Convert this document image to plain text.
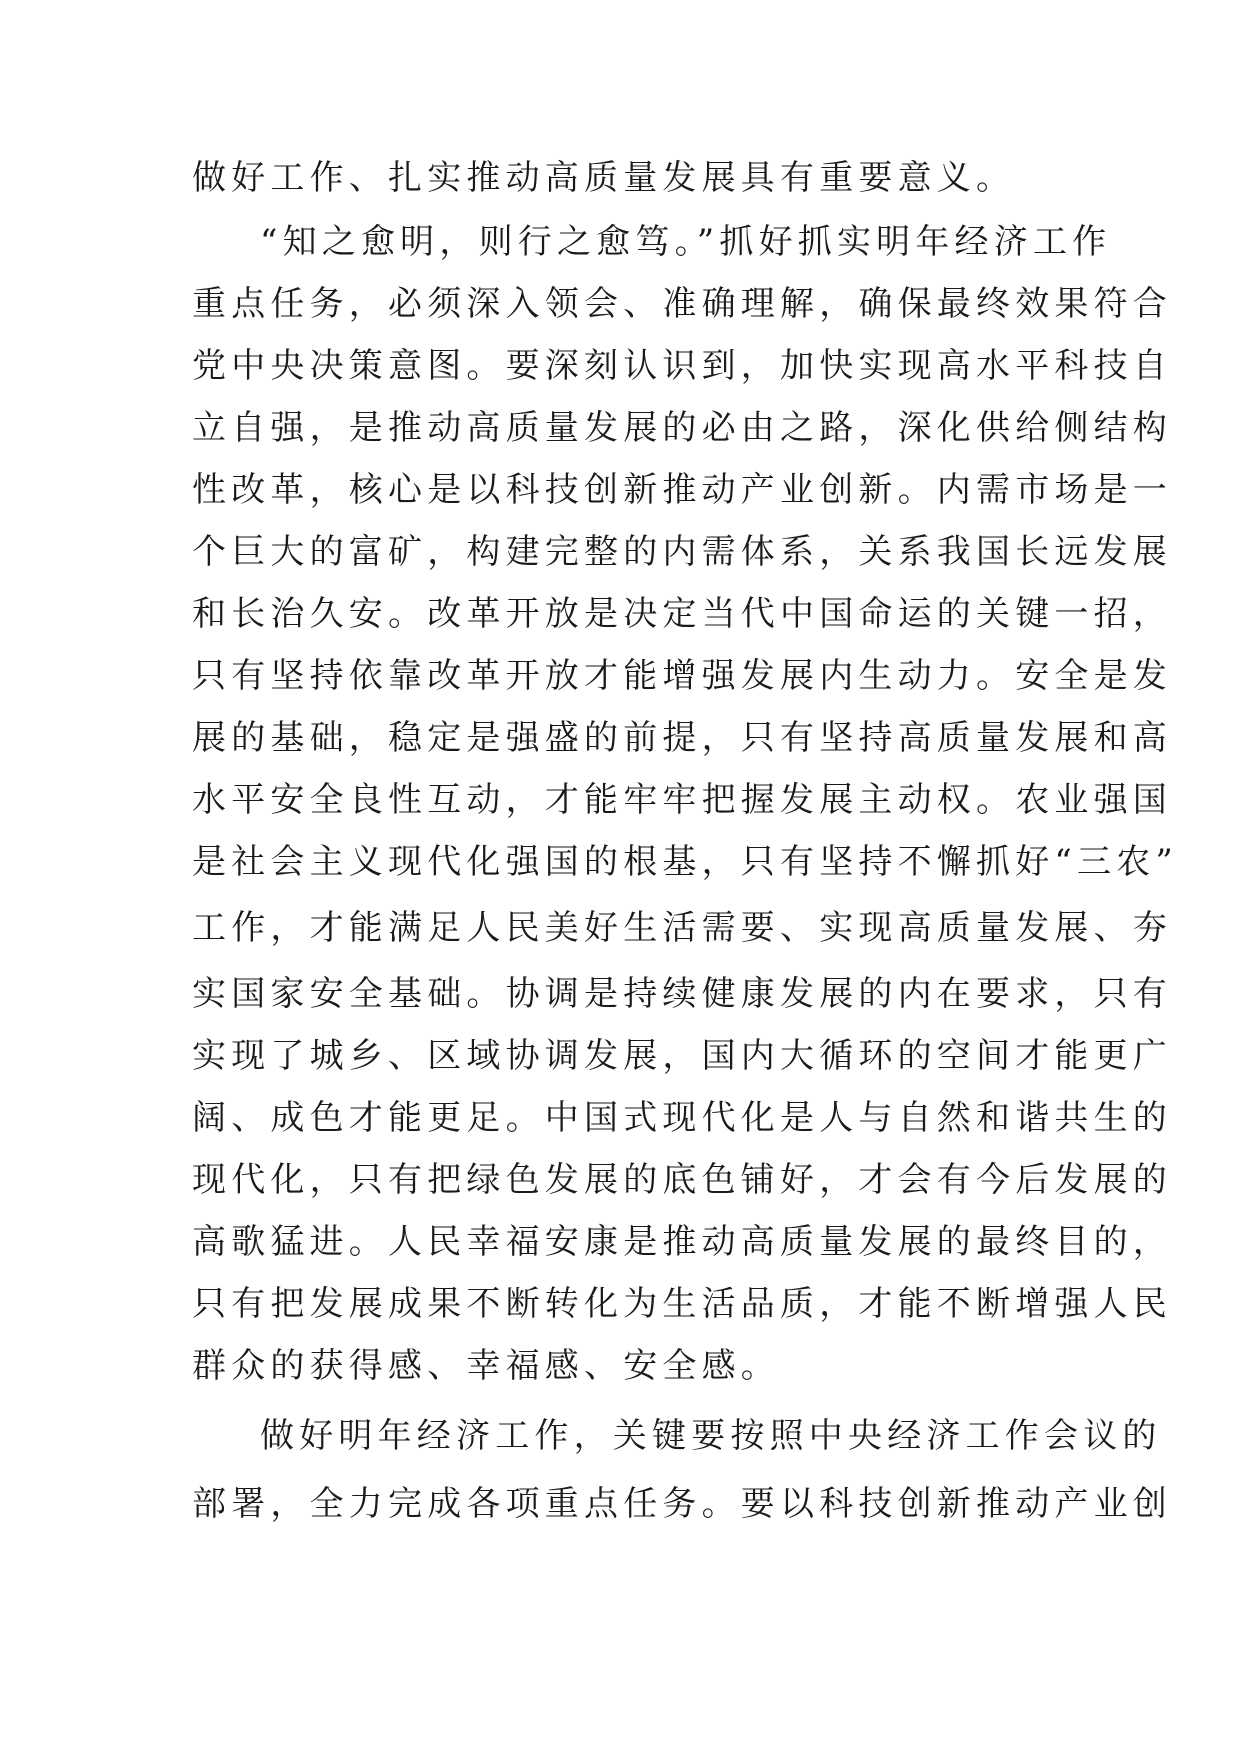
做好工作、扎实推动高质量发展具有重要意义。
“知之愈明，则行之愈笃。”抓好抓实明年经济工作
重点任务，必须深入领会、准确理解，确保最终效果符合
党中央决策意图。要深刻认识到，加快实现高水平科技自
立自强，是推动高质量发展的必由之路，深化供给侧结构
性改革，核心是以科技创新推动产业创新。内需市场是一
个巨大的富矿，构建完整的内需体系，关系我国长远发展
和长治久安。改革开放是决定当代中国命运的关键一招，
只有坚持依靠改革开放才能增强发展内生动力。安全是发
展的基础，稳定是强盛的前提，只有坚持高质量发展和高
水平安全良性互动，才能牢牢把握发展主动权。农业强国
是社会主义现代化强国的根基，只有坚持不懈抓好“三农”
工作，才能满足人民美好生活需要、实现高质量发展、夯
实国家安全基础。协调是持续健康发展的内在要求，只有
实现了城乡、区域协调发展，国内大循环的空间才能更广
阔、成色才能更足。中国式现代化是人与自然和谐共生的
现代化，只有把绿色发展的底色铺好，才会有今后发展的
高歌猛进。人民幸福安康是推动高质量发展的最终目的，
只有把发展成果不断转化为生活品质，才能不断增强人民
群众的获得感、幸福感、安全感。
做好明年经济工作，关键要按照中央经济工作会议的
部署，全力完成各项重点任务。要以科技创新推动产业创
